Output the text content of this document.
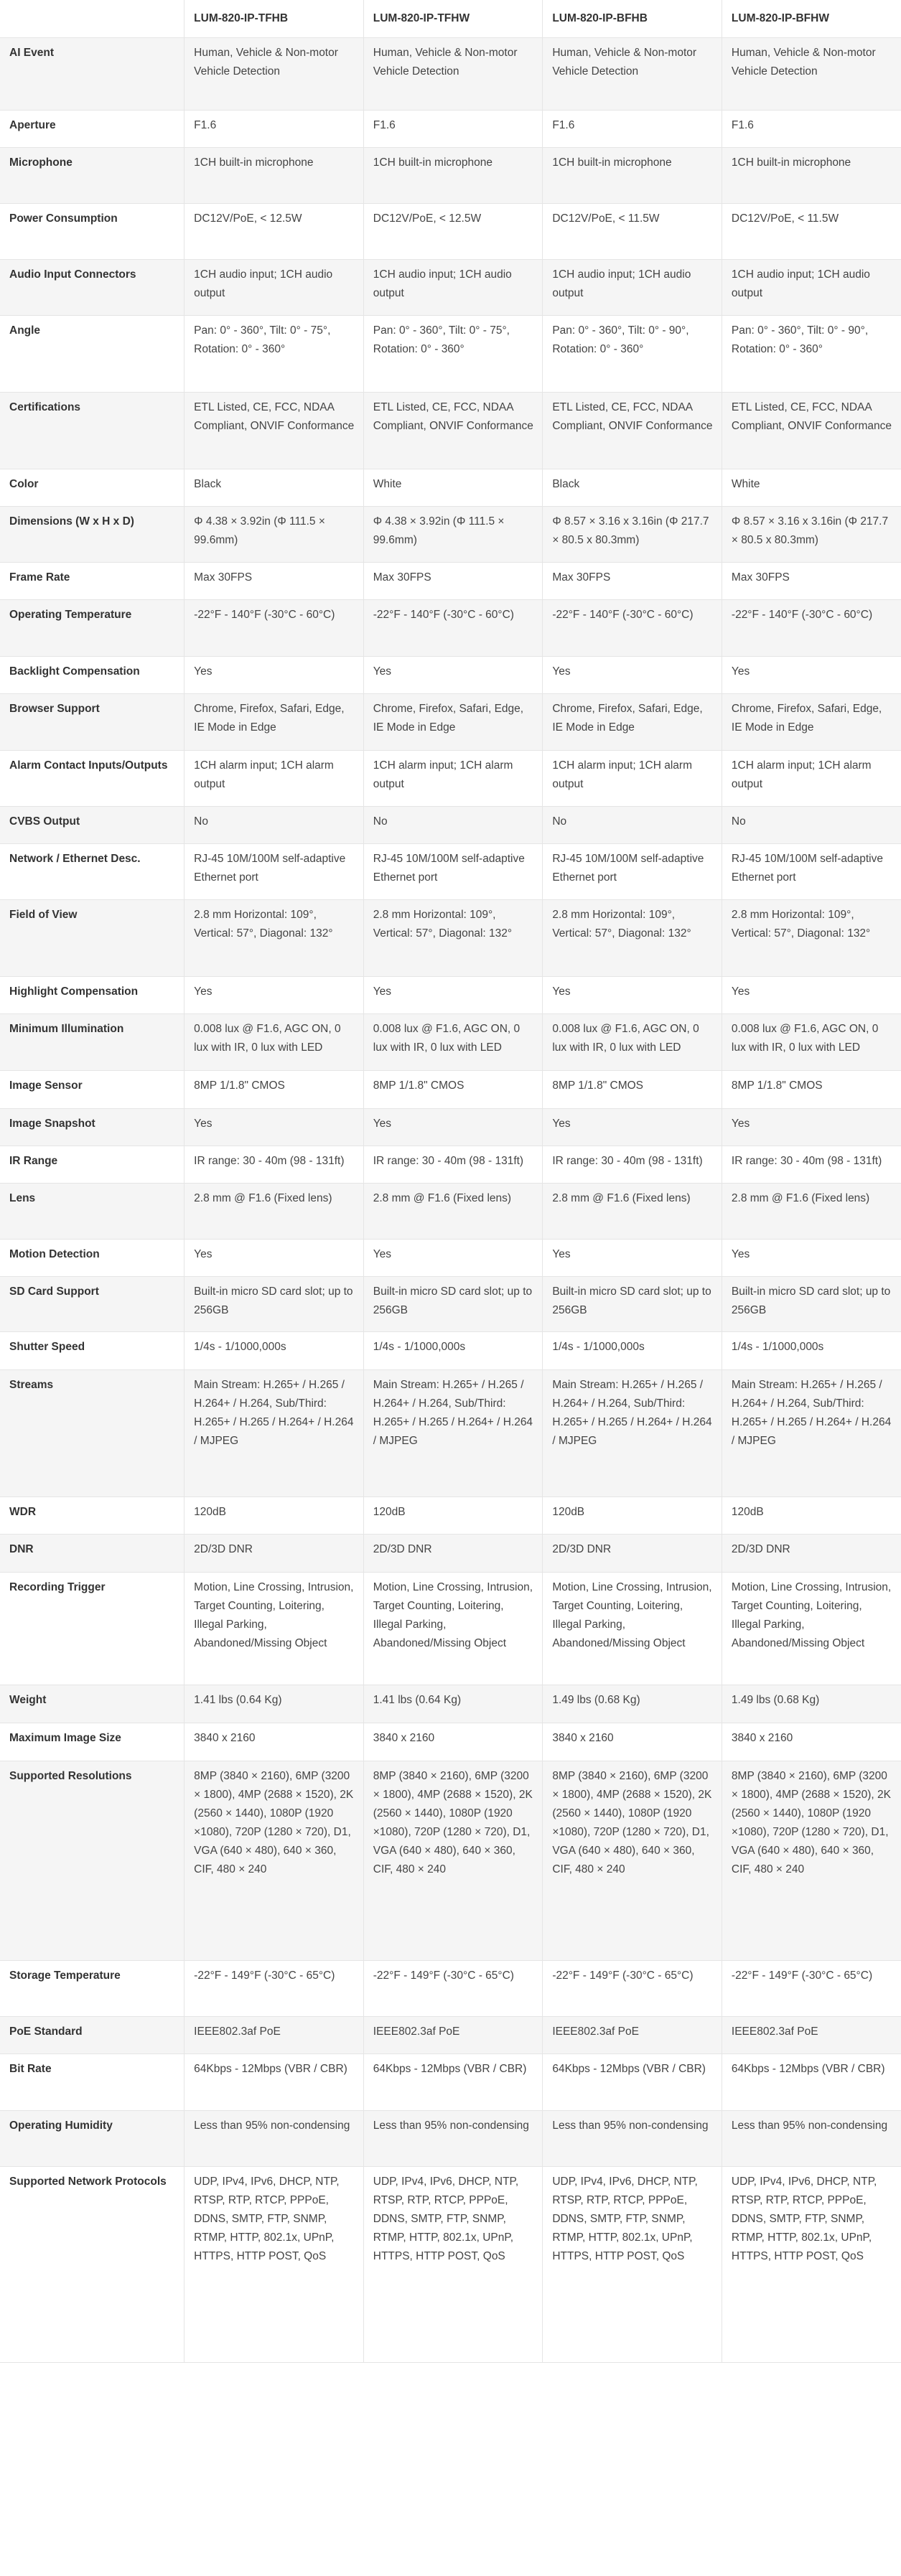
	LUM-820-IP-TFHB	LUM-820-IP-TFHW	LUM-820-IP-BFHB	LUM-820-IP-BFHW
AI Event	Human, Vehicle & Non-motor Vehicle Detection	Human, Vehicle & Non-motor Vehicle Detection	Human, Vehicle & Non-motor Vehicle Detection	Human, Vehicle & Non-motor Vehicle Detection
Aperture	F1.6	F1.6	F1.6	F1.6
Microphone	1CH built-in microphone	1CH built-in microphone	1CH built-in microphone	1CH built-in microphone
Power Consumption	DC12V/PoE, < 12.5W	DC12V/PoE, < 12.5W	DC12V/PoE, < 11.5W	DC12V/PoE, < 11.5W
Audio Input Connectors	1CH audio input; 1CH audio output	1CH audio input; 1CH audio output	1CH audio input; 1CH audio output	1CH audio input; 1CH audio output
Angle	Pan: 0° - 360°, Tilt: 0° - 75°, Rotation: 0° - 360°	Pan: 0° - 360°, Tilt: 0° - 75°, Rotation: 0° - 360°	Pan: 0° - 360°, Tilt: 0° - 90°, Rotation: 0° - 360°	Pan: 0° - 360°, Tilt: 0° - 90°, Rotation: 0° - 360°
Certifications	ETL Listed, CE, FCC, NDAA Compliant, ONVIF Conformance	ETL Listed, CE, FCC, NDAA Compliant, ONVIF Conformance	ETL Listed, CE, FCC, NDAA Compliant, ONVIF Conformance	ETL Listed, CE, FCC, NDAA Compliant, ONVIF Conformance
Color	Black	White	Black	White
Dimensions (W x H x D)	Φ 4.38 × 3.92in (Φ 111.5 × 99.6mm)	Φ 4.38 × 3.92in (Φ 111.5 × 99.6mm)	Φ 8.57 × 3.16 x 3.16in (Φ 217.7 × 80.5 x 80.3mm)	Φ 8.57 × 3.16 x 3.16in (Φ 217.7 × 80.5 x 80.3mm)
Frame Rate	Max 30FPS	Max 30FPS	Max 30FPS	Max 30FPS
Operating Temperature	-22°F - 140°F (-30°C - 60°C)	-22°F - 140°F (-30°C - 60°C)	-22°F - 140°F (-30°C - 60°C)	-22°F - 140°F (-30°C - 60°C)
Backlight Compensation	Yes	Yes	Yes	Yes
Browser Support	Chrome, Firefox, Safari, Edge, IE Mode in Edge	Chrome, Firefox, Safari, Edge, IE Mode in Edge	Chrome, Firefox, Safari, Edge, IE Mode in Edge	Chrome, Firefox, Safari, Edge, IE Mode in Edge
Alarm Contact Inputs/Outputs	1CH alarm input; 1CH alarm output	1CH alarm input; 1CH alarm output	1CH alarm input; 1CH alarm output	1CH alarm input; 1CH alarm output
CVBS Output	No	No	No	No
Network / Ethernet Desc.	RJ-45 10M/100M self-adaptive Ethernet port	RJ-45 10M/100M self-adaptive Ethernet port	RJ-45 10M/100M self-adaptive Ethernet port	RJ-45 10M/100M self-adaptive Ethernet port
Field of View	2.8 mm Horizontal: 109°, Vertical: 57°, Diagonal: 132°	2.8 mm Horizontal: 109°, Vertical: 57°, Diagonal: 132°	2.8 mm Horizontal: 109°, Vertical: 57°, Diagonal: 132°	2.8 mm Horizontal: 109°, Vertical: 57°, Diagonal: 132°
Highlight Compensation	Yes	Yes	Yes	Yes
Minimum Illumination	0.008 lux @ F1.6, AGC ON, 0 lux with IR, 0 lux with LED	0.008 lux @ F1.6, AGC ON, 0 lux with IR, 0 lux with LED	0.008 lux @ F1.6, AGC ON, 0 lux with IR, 0 lux with LED	0.008 lux @ F1.6, AGC ON, 0 lux with IR, 0 lux with LED
Image Sensor	8MP 1/1.8" CMOS	8MP 1/1.8" CMOS	8MP 1/1.8" CMOS	8MP 1/1.8" CMOS
Image Snapshot	Yes	Yes	Yes	Yes
IR Range	IR range: 30 - 40m (98 - 131ft)	IR range: 30 - 40m (98 - 131ft)	IR range: 30 - 40m (98 - 131ft)	IR range: 30 - 40m (98 - 131ft)
Lens	2.8 mm @ F1.6 (Fixed lens)	2.8 mm @ F1.6 (Fixed lens)	2.8 mm @ F1.6 (Fixed lens)	2.8 mm @ F1.6 (Fixed lens)
Motion Detection	Yes	Yes	Yes	Yes
SD Card Support	Built-in micro SD card slot; up to 256GB	Built-in micro SD card slot; up to 256GB	Built-in micro SD card slot; up to 256GB	Built-in micro SD card slot; up to 256GB
Shutter Speed	1/4s - 1/1000,000s	1/4s - 1/1000,000s	1/4s - 1/1000,000s	1/4s - 1/1000,000s
Streams	Main Stream: H.265+ / H.265 / H.264+ / H.264, Sub/Third: H.265+ / H.265 / H.264+ / H.264 / MJPEG	Main Stream: H.265+ / H.265 / H.264+ / H.264, Sub/Third: H.265+ / H.265 / H.264+ / H.264 / MJPEG	Main Stream: H.265+ / H.265 / H.264+ / H.264, Sub/Third: H.265+ / H.265 / H.264+ / H.264 / MJPEG	Main Stream: H.265+ / H.265 / H.264+ / H.264, Sub/Third: H.265+ / H.265 / H.264+ / H.264 / MJPEG
WDR	120dB	120dB	120dB	120dB
DNR	2D/3D DNR	2D/3D DNR	2D/3D DNR	2D/3D DNR
Recording Trigger	Motion, Line Crossing, Intrusion, Target Counting, Loitering, Illegal Parking, Abandoned/Missing Object	Motion, Line Crossing, Intrusion, Target Counting, Loitering, Illegal Parking, Abandoned/Missing Object	Motion, Line Crossing, Intrusion, Target Counting, Loitering, Illegal Parking, Abandoned/Missing Object	Motion, Line Crossing, Intrusion, Target Counting, Loitering, Illegal Parking, Abandoned/Missing Object
Weight	1.41 lbs (0.64 Kg)	1.41 lbs (0.64 Kg)	1.49 lbs (0.68 Kg)	1.49 lbs (0.68 Kg)
Maximum Image Size	3840 x 2160	3840 x 2160	3840 x 2160	3840 x 2160
Supported Resolutions	8MP (3840 × 2160), 6MP (3200 × 1800), 4MP (2688 × 1520), 2K (2560 × 1440), 1080P (1920 ×1080), 720P (1280 × 720), D1, VGA (640 × 480), 640 × 360, CIF, 480 × 240	8MP (3840 × 2160), 6MP (3200 × 1800), 4MP (2688 × 1520), 2K (2560 × 1440), 1080P (1920 ×1080), 720P (1280 × 720), D1, VGA (640 × 480), 640 × 360, CIF, 480 × 240	8MP (3840 × 2160), 6MP (3200 × 1800), 4MP (2688 × 1520), 2K (2560 × 1440), 1080P (1920 ×1080), 720P (1280 × 720), D1, VGA (640 × 480), 640 × 360, CIF, 480 × 240	8MP (3840 × 2160), 6MP (3200 × 1800), 4MP (2688 × 1520), 2K (2560 × 1440), 1080P (1920 ×1080), 720P (1280 × 720), D1, VGA (640 × 480), 640 × 360, CIF, 480 × 240
Storage Temperature	-22°F - 149°F (-30°C - 65°C)	-22°F - 149°F (-30°C - 65°C)	-22°F - 149°F (-30°C - 65°C)	-22°F - 149°F (-30°C - 65°C)
PoE Standard	IEEE802.3af PoE	IEEE802.3af PoE	IEEE802.3af PoE	IEEE802.3af PoE
Bit Rate	64Kbps - 12Mbps (VBR / CBR)	64Kbps - 12Mbps (VBR / CBR)	64Kbps - 12Mbps (VBR / CBR)	64Kbps - 12Mbps (VBR / CBR)
Operating Humidity	Less than 95% non-condensing	Less than 95% non-condensing	Less than 95% non-condensing	Less than 95% non-condensing
Supported Network Protocols	UDP, IPv4, IPv6, DHCP, NTP, RTSP, RTP, RTCP, PPPoE, DDNS, SMTP, FTP, SNMP, RTMP, HTTP, 802.1x, UPnP, HTTPS, HTTP POST, QoS	UDP, IPv4, IPv6, DHCP, NTP, RTSP, RTP, RTCP, PPPoE, DDNS, SMTP, FTP, SNMP, RTMP, HTTP, 802.1x, UPnP, HTTPS, HTTP POST, QoS	UDP, IPv4, IPv6, DHCP, NTP, RTSP, RTP, RTCP, PPPoE, DDNS, SMTP, FTP, SNMP, RTMP, HTTP, 802.1x, UPnP, HTTPS, HTTP POST, QoS	UDP, IPv4, IPv6, DHCP, NTP, RTSP, RTP, RTCP, PPPoE, DDNS, SMTP, FTP, SNMP, RTMP, HTTP, 802.1x, UPnP, HTTPS, HTTP POST, QoS
